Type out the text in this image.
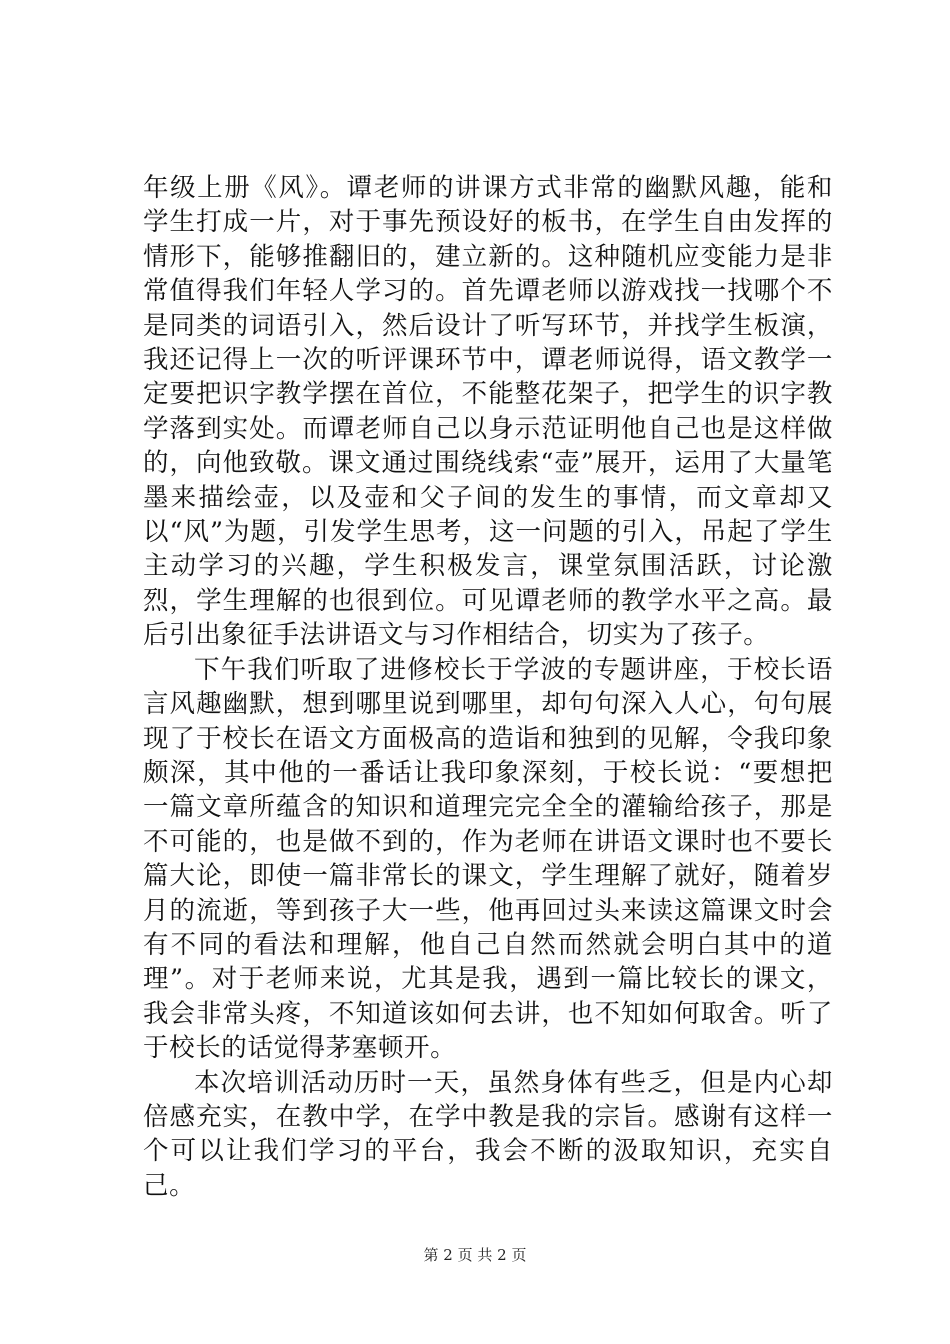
年级上册《风》。谭老师的讲课方式非常的幽默风趣，能和学生打成一片，对于事先预设好的板书，在学生自由发挥的情形下，能够推翻旧的，建立新的。这种随机应变能力是非常值得我们年轻人学习的。首先谭老师以游戏找一找哪个不是同类的词语引入，然后设计了听写环节，并找学生板演，我还记得上一次的听评课环节中，谭老师说得，语文教学一定要把识字教学摆在首位，不能整花架子，把学生的识字教学落到实处。而谭老师自己以身示范证明他自己也是这样做的，向他致敬。课文通过围绕线索“壶”展开，运用了大量笔墨来描绘壶，以及壶和父子间的发生的事情，而文章却又以“风”为题，引发学生思考，这一问题的引入，吊起了学生主动学习的兴趣，学生积极发言，课堂氛围活跃，讨论激烈，学生理解的也很到位。可见谭老师的教学水平之高。最后引出象征手法讲语文与习作相结合，切实为了孩子。

下午我们听取了进修校长于学波的专题讲座，于校长语言风趣幽默，想到哪里说到哪里，却句句深入人心，句句展现了于校长在语文方面极高的造诣和独到的见解，令我印象颇深，其中他的一番话让我印象深刻，于校长说：“要想把一篇文章所蕴含的知识和道理完完全全的灌输给孩子，那是不可能的，也是做不到的，作为老师在讲语文课时也不要长篇大论，即使一篇非常长的课文，学生理解了就好，随着岁月的流逝，等到孩子大一些，他再回过头来读这篇课文时会有不同的看法和理解，他自己自然而然就会明白其中的道理”。对于老师来说，尤其是我，遇到一篇比较长的课文，我会非常头疼，不知道该如何去讲，也不知如何取舍。听了于校长的话觉得茅塞顿开。

本次培训活动历时一天，虽然身体有些乏，但是内心却倍感充实，在教中学，在学中教是我的宗旨。感谢有这样一个可以让我们学习的平台，我会不断的汲取知识，充实自己。

第 2 页 共 2 页
